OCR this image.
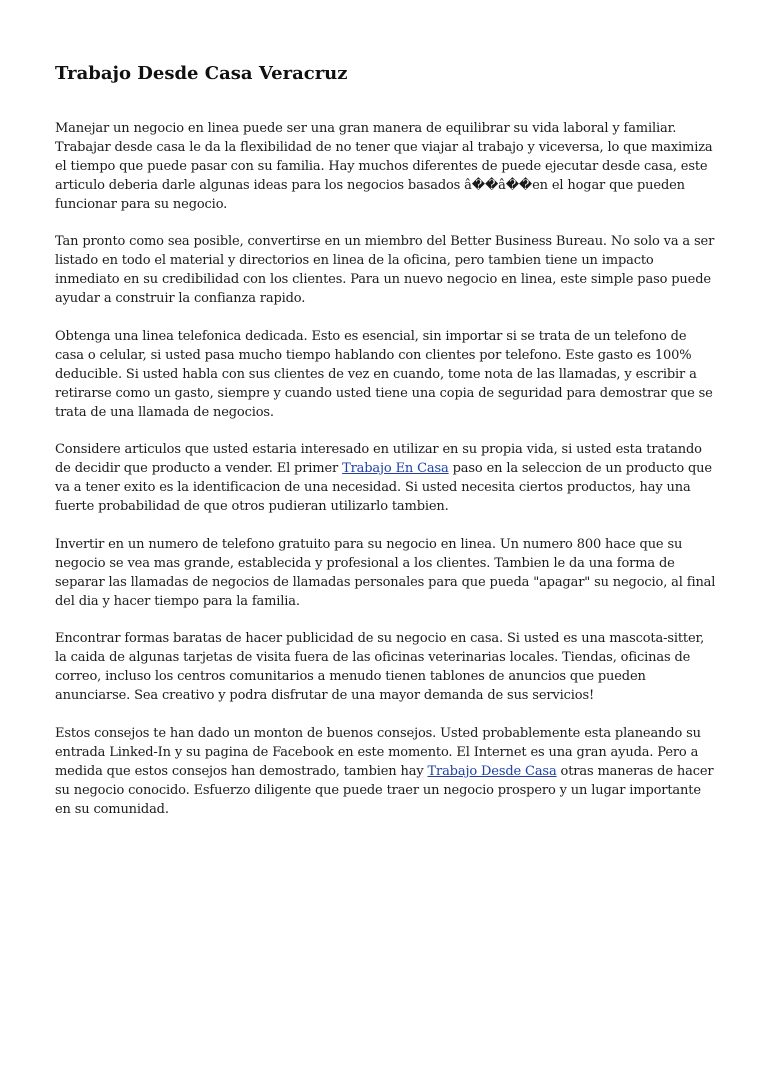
Trabajo Desde Casa Veracruz

Manejar un negocio en linea puede ser una gran manera de equilibrar su vida laboral y familiar. Trabajar desde casa le da la flexibilidad de no tener que viajar al trabajo y viceversa, lo que maximiza el tiempo que puede pasar con su familia. Hay muchos diferentes de puede ejecutar desde casa, este articulo deberia darle algunas ideas para los negocios basados â��â��en el hogar que pueden funcionar para su negocio.

Tan pronto como sea posible, convertirse en un miembro del Better Business Bureau. No solo va a ser listado en todo el material y directorios en linea de la oficina, pero tambien tiene un impacto inmediato en su credibilidad con los clientes. Para un nuevo negocio en linea, este simple paso puede ayudar a construir la confianza rapido.

Obtenga una linea telefonica dedicada. Esto es esencial, sin importar si se trata de un telefono de casa o celular, si usted pasa mucho tiempo hablando con clientes por telefono. Este gasto es 100% deducible. Si usted habla con sus clientes de vez en cuando, tome nota de las llamadas, y escribir a retirarse como un gasto, siempre y cuando usted tiene una copia de seguridad para demostrar que se trata de una llamada de negocios.

Considere articulos que usted estaria interesado en utilizar en su propia vida, si usted esta tratando de decidir que producto a vender. El primer Trabajo En Casa paso en la seleccion de un producto que va a tener exito es la identificacion de una necesidad. Si usted necesita ciertos productos, hay una fuerte probabilidad de que otros pudieran utilizarlo tambien.

Invertir en un numero de telefono gratuito para su negocio en linea. Un numero 800 hace que su negocio se vea mas grande, establecida y profesional a los clientes. Tambien le da una forma de separar las llamadas de negocios de llamadas personales para que pueda "apagar" su negocio, al final del dia y hacer tiempo para la familia.

Encontrar formas baratas de hacer publicidad de su negocio en casa. Si usted es una mascota-sitter, la caida de algunas tarjetas de visita fuera de las oficinas veterinarias locales. Tiendas, oficinas de correo, incluso los centros comunitarios a menudo tienen tablones de anuncios que pueden anunciarse. Sea creativo y podra disfrutar de una mayor demanda de sus servicios!

Estos consejos te han dado un monton de buenos consejos. Usted probablemente esta planeando su entrada Linked-In y su pagina de Facebook en este momento. El Internet es una gran ayuda. Pero a medida que estos consejos han demostrado, tambien hay Trabajo Desde Casa otras maneras de hacer su negocio conocido. Esfuerzo diligente que puede traer un negocio prospero y un lugar importante en su comunidad.
